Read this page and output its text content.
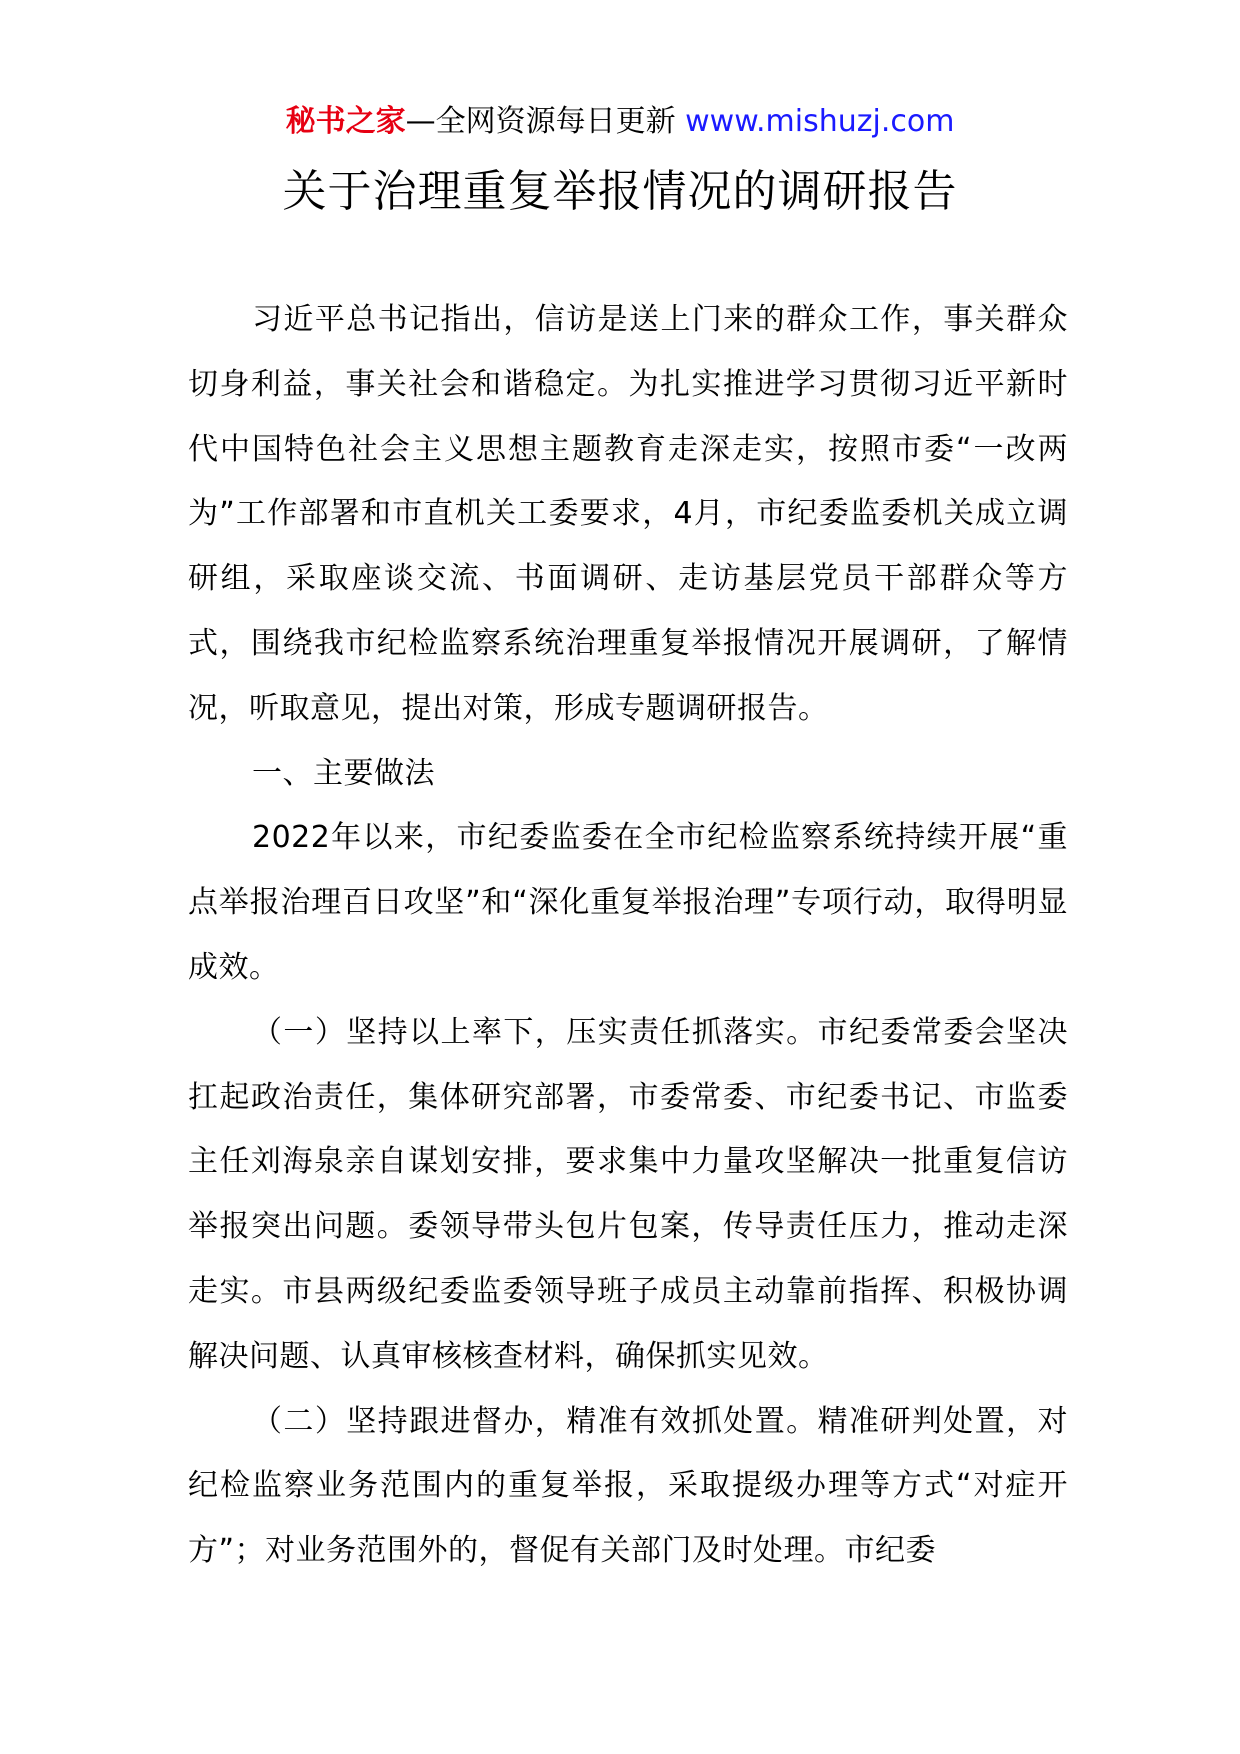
秘书之家—全网资源每日更新 www.mishuzj.com
关于治理重复举报情况的调研报告

习近平总书记指出，信访是送上门来的群众工作，事关群众切身利益，事关社会和谐稳定。为扎实推进学习贯彻习近平新时代中国特色社会主义思想主题教育走深走实，按照市委“一改两为”工作部署和市直机关工委要求，4月，市纪委监委机关成立调研组，采取座谈交流、书面调研、走访基层党员干部群众等方式，围绕我市纪检监察系统治理重复举报情况开展调研，了解情况，听取意见，提出对策，形成专题调研报告。

一、主要做法

2022年以来，市纪委监委在全市纪检监察系统持续开展“重点举报治理百日攻坚”和“深化重复举报治理”专项行动，取得明显成效。

（一）坚持以上率下，压实责任抓落实。市纪委常委会坚决扛起政治责任，集体研究部署，市委常委、市纪委书记、市监委主任刘海泉亲自谋划安排，要求集中力量攻坚解决一批重复信访举报突出问题。委领导带头包片包案，传导责任压力，推动走深走实。市县两级纪委监委领导班子成员主动靠前指挥、积极协调解决问题、认真审核核查材料，确保抓实见效。

（二）坚持跟进督办，精准有效抓处置。精准研判处置，对纪检监察业务范围内的重复举报，采取提级办理等方式“对症开方”；对业务范围外的，督促有关部门及时处理。市纪委
